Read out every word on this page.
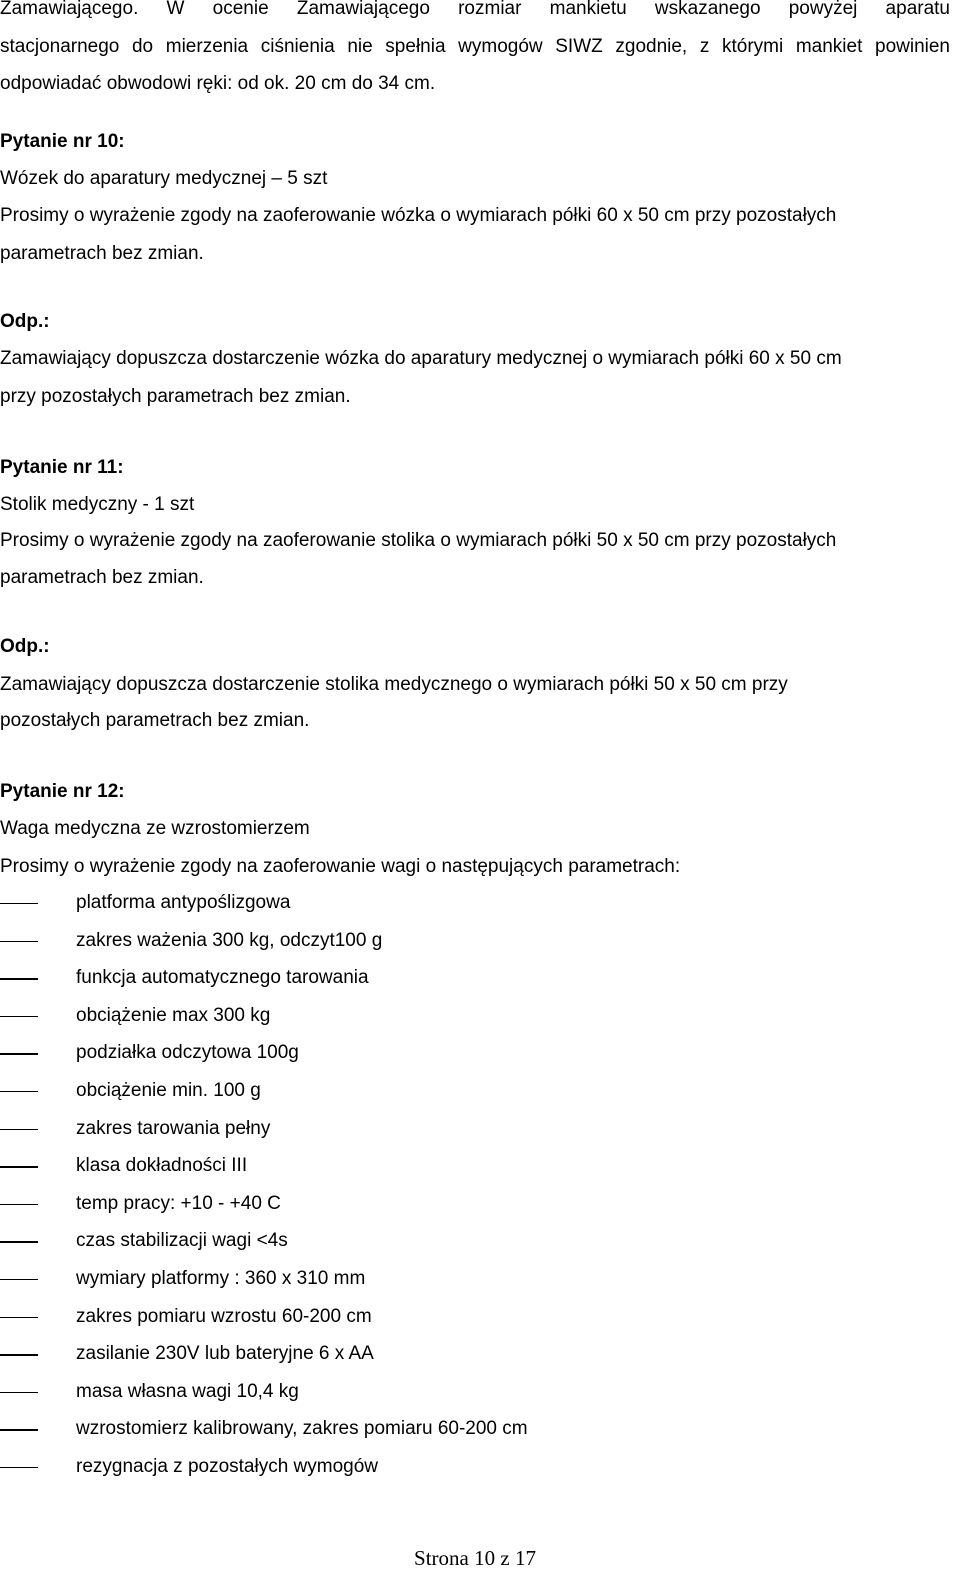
Zamawiającego. W ocenie Zamawiającego rozmiar mankietu wskazanego powyżej aparatu
stacjonarnego do mierzenia ciśnienia nie spełnia wymogów SIWZ zgodnie, z którymi mankiet powinien
odpowiadać obwodowi ręki: od ok. 20 cm do 34 cm.
Pytanie nr 10:
Wózek do aparatury medycznej – 5 szt
Prosimy o wyrażenie zgody na zaoferowanie wózka o wymiarach półki 60 x 50 cm przy pozostałych
parametrach bez zmian.
Odp.:
Zamawiający dopuszcza dostarczenie wózka do aparatury medycznej o wymiarach półki 60 x 50 cm
przy pozostałych parametrach bez zmian.
Pytanie nr 11:
Stolik medyczny - 1 szt
Prosimy o wyrażenie zgody na zaoferowanie stolika o wymiarach półki 50 x 50 cm przy pozostałych
parametrach bez zmian.
Odp.:
Zamawiający dopuszcza dostarczenie stolika medycznego o wymiarach półki 50 x 50 cm przy
pozostałych parametrach bez zmian.
Pytanie nr 12:
Waga medyczna ze wzrostomierzem
Prosimy o wyrażenie zgody na zaoferowanie wagi o następujących parametrach:
platforma antypoślizgowa
zakres ważenia 300 kg, odczyt100 g
funkcja automatycznego tarowania
obciążenie max 300 kg
podziałka odczytowa 100g
obciążenie min. 100 g
zakres tarowania pełny
klasa dokładności III
temp pracy: +10 - +40 C
czas stabilizacji wagi <4s
wymiary platformy : 360 x 310 mm
zakres pomiaru wzrostu 60-200 cm
zasilanie 230V lub bateryjne 6 x AA
masa własna wagi 10,4 kg
wzrostomierz kalibrowany, zakres pomiaru 60-200 cm
rezygnacja z pozostałych wymogów
Strona 10 z 17
